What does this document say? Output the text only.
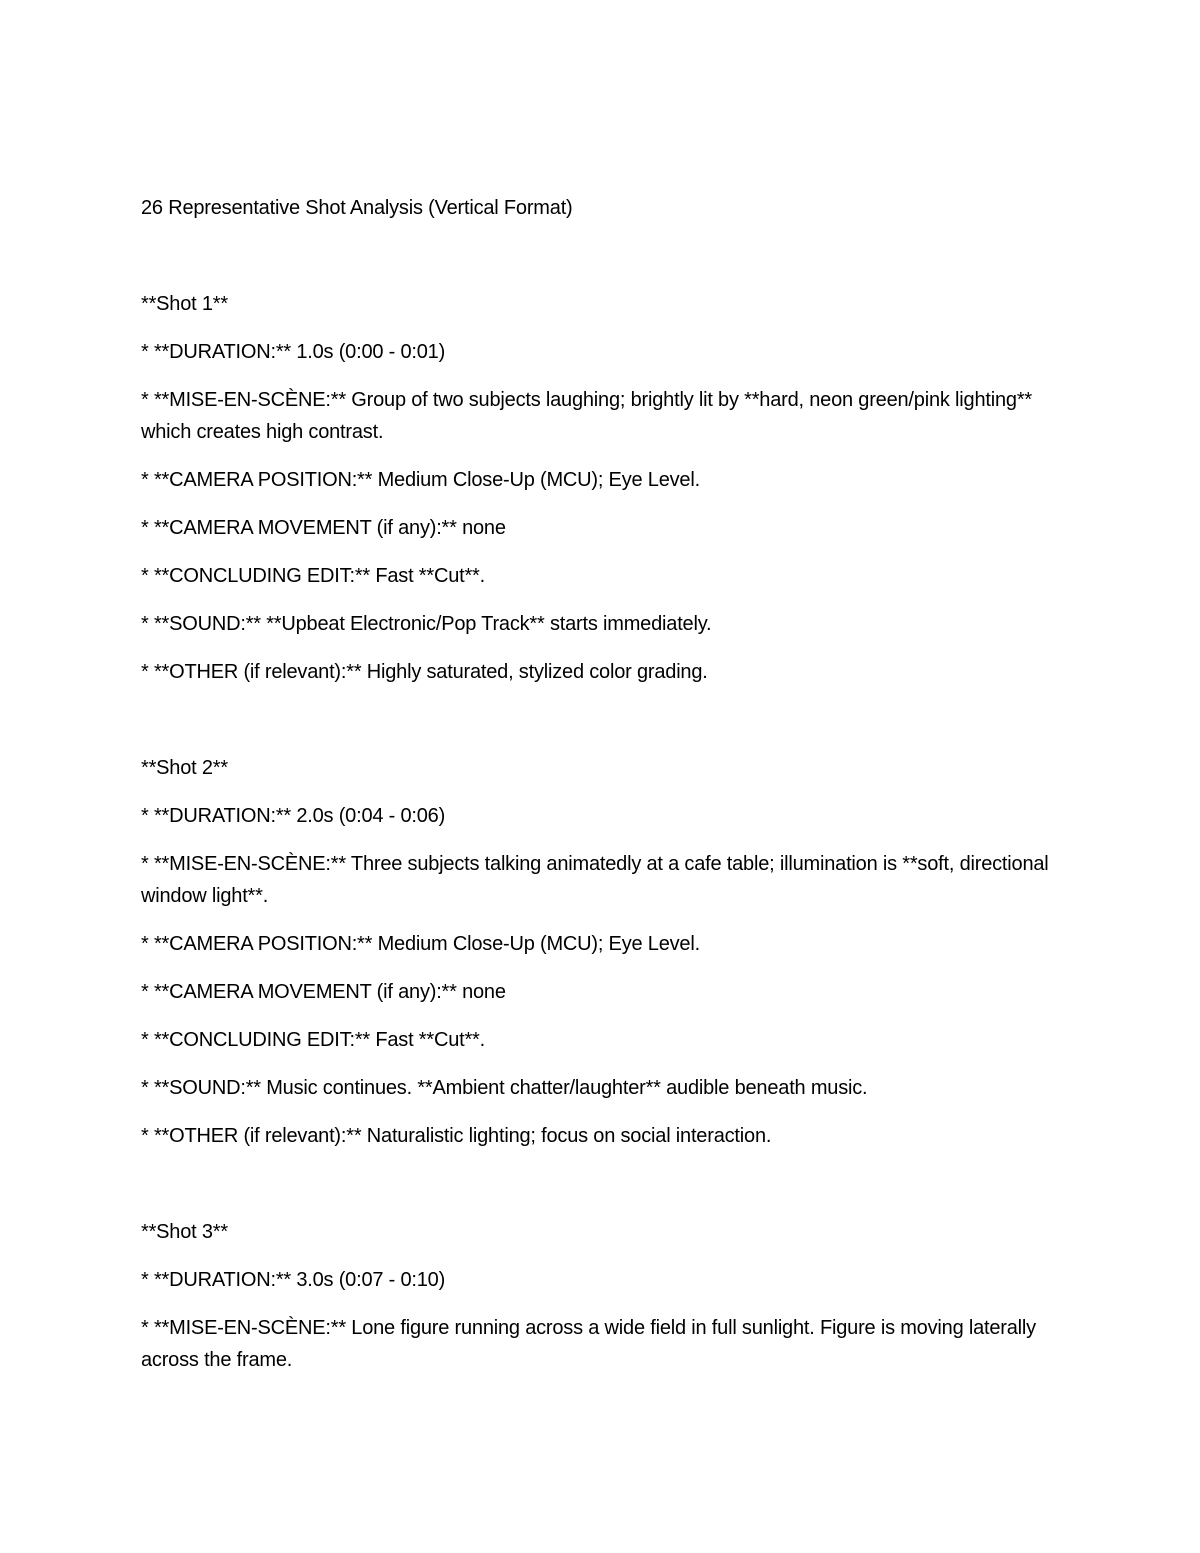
26 Representative Shot Analysis (Vertical Format)
**Shot 1**
* **DURATION:** 1.0s (0:00 - 0:01)
* **MISE-EN-SCÈNE:** Group of two subjects laughing; brightly lit by **hard, neon green/pink lighting** which creates high contrast.
* **CAMERA POSITION:** Medium Close-Up (MCU); Eye Level.
* **CAMERA MOVEMENT (if any):** none
* **CONCLUDING EDIT:** Fast **Cut**.
* **SOUND:** **Upbeat Electronic/Pop Track** starts immediately.
* **OTHER (if relevant):** Highly saturated, stylized color grading.
**Shot 2**
* **DURATION:** 2.0s (0:04 - 0:06)
* **MISE-EN-SCÈNE:** Three subjects talking animatedly at a cafe table; illumination is **soft, directional window light**.
* **CAMERA POSITION:** Medium Close-Up (MCU); Eye Level.
* **CAMERA MOVEMENT (if any):** none
* **CONCLUDING EDIT:** Fast **Cut**.
* **SOUND:** Music continues. **Ambient chatter/laughter** audible beneath music.
* **OTHER (if relevant):** Naturalistic lighting; focus on social interaction.
**Shot 3**
* **DURATION:** 3.0s (0:07 - 0:10)
* **MISE-EN-SCÈNE:** Lone figure running across a wide field in full sunlight. Figure is moving laterally across the frame.
